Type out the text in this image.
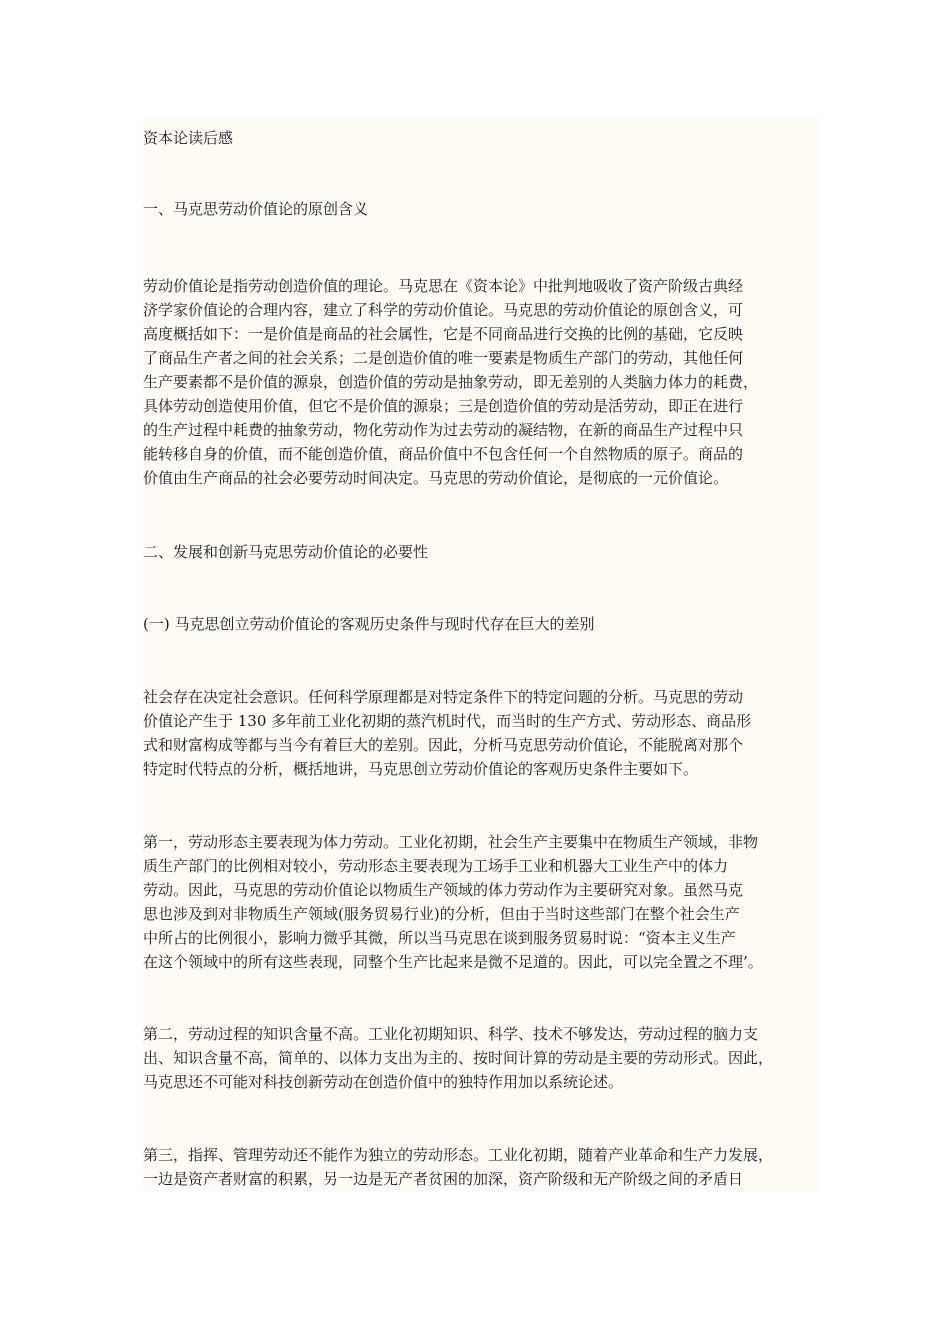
资本论读后感
一、马克思劳动价值论的原创含义
劳动价值论是指劳动创造价值的理论。马克思在《资本论》中批判地吸收了资产阶级古典经
济学家价值论的合理内容，建立了科学的劳动价值论。马克思的劳动价值论的原创含义，可
高度概括如下：一是价值是商品的社会属性，它是不同商品进行交换的比例的基础，它反映
了商品生产者之间的社会关系；二是创造价值的唯一要素是物质生产部门的劳动，其他任何
生产要素都不是价值的源泉，创造价值的劳动是抽象劳动，即无差别的人类脑力体力的耗费，
具体劳动创造使用价值，但它不是价值的源泉；三是创造价值的劳动是活劳动，即正在进行
的生产过程中耗费的抽象劳动，物化劳动作为过去劳动的凝结物，在新的商品生产过程中只
能转移自身的价值，而不能创造价值，商品价值中不包含任何一个自然物质的原子。商品的
价值由生产商品的社会必要劳动时间决定。马克思的劳动价值论，是彻底的一元价值论。
二、发展和创新马克思劳动价值论的必要性
(一) 马克思创立劳动价值论的客观历史条件与现时代存在巨大的差别
社会存在决定社会意识。任何科学原理都是对特定条件下的特定问题的分析。马克思的劳动
价值论产生于 130 多年前工业化初期的蒸汽机时代，而当时的生产方式、劳动形态、商品形
式和财富构成等都与当今有着巨大的差别。因此，分析马克思劳动价值论，不能脱离对那个
特定时代特点的分析，概括地讲，马克思创立劳动价值论的客观历史条件主要如下。
第一，劳动形态主要表现为体力劳动。工业化初期，社会生产主要集中在物质生产领域，非物
质生产部门的比例相对较小，劳动形态主要表现为工场手工业和机器大工业生产中的体力
劳动。因此，马克思的劳动价值论以物质生产领域的体力劳动作为主要研究对象。虽然马克
思也涉及到对非物质生产领域(服务贸易行业)的分析，但由于当时这些部门在整个社会生产
中所占的比例很小，影响力微乎其微，所以当马克思在谈到服务贸易时说：“资本主义生产
在这个领域中的所有这些表现，同整个生产比起来是微不足道的。因此，可以完全置之不理’。
第二，劳动过程的知识含量不高。工业化初期知识、科学、技术不够发达，劳动过程的脑力支
出、知识含量不高，简单的、以体力支出为主的、按时间计算的劳动是主要的劳动形式。因此，
马克思还不可能对科技创新劳动在创造价值中的独特作用加以系统论述。
第三，指挥、管理劳动还不能作为独立的劳动形态。工业化初期，随着产业革命和生产力发展，
一边是资产者财富的积累，另一边是无产者贫困的加深，资产阶级和无产阶级之间的矛盾日
